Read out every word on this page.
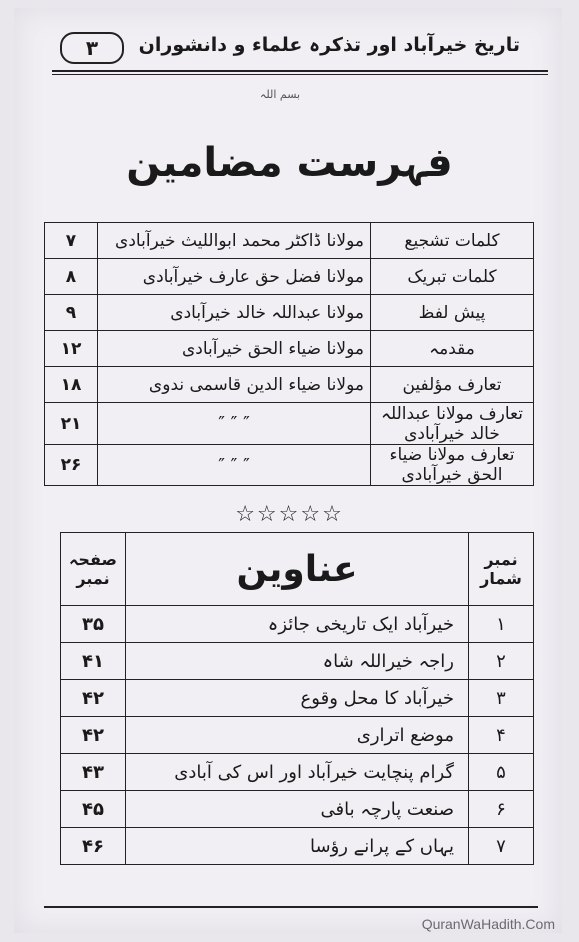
۳	تاریخ خیرآباد اور تذکرہ علماء و دانشوران
بسم اللہ
فہرست مضامین
کلمات تشجیع	مولانا ڈاکٹر محمد ابواللیث خیرآبادی	۷
کلمات تبریک	مولانا فضل حق عارف خیرآبادی	۸
پیش لفظ	مولانا عبداللہ خالد خیرآبادی	۹
مقدمہ	مولانا ضیاء الحق خیرآبادی	۱۲
تعارف مؤلفین	مولانا ضیاء الدین قاسمی ندوی	۱۸
تعارف مولانا عبداللہ خالد خیرآبادی	″ ″ ″	۲۱
تعارف مولانا ضیاء الحق خیرآبادی	″ ″ ″	۲۶
☆☆☆☆☆
نمبر شمار	عناوین	صفحہ نمبر
۱	خیرآباد ایک تاریخی جائزہ	۳۵
۲	راجہ خیراللہ شاہ	۴۱
۳	خیرآباد کا محل وقوع	۴۲
۴	موضع اتراری	۴۲
۵	گرام پنچایت خیرآباد اور اس کی آبادی	۴۳
۶	صنعت پارچہ بافی	۴۵
۷	یہاں کے پرانے رؤسا	۴۶
QuranWaHadith.Com
